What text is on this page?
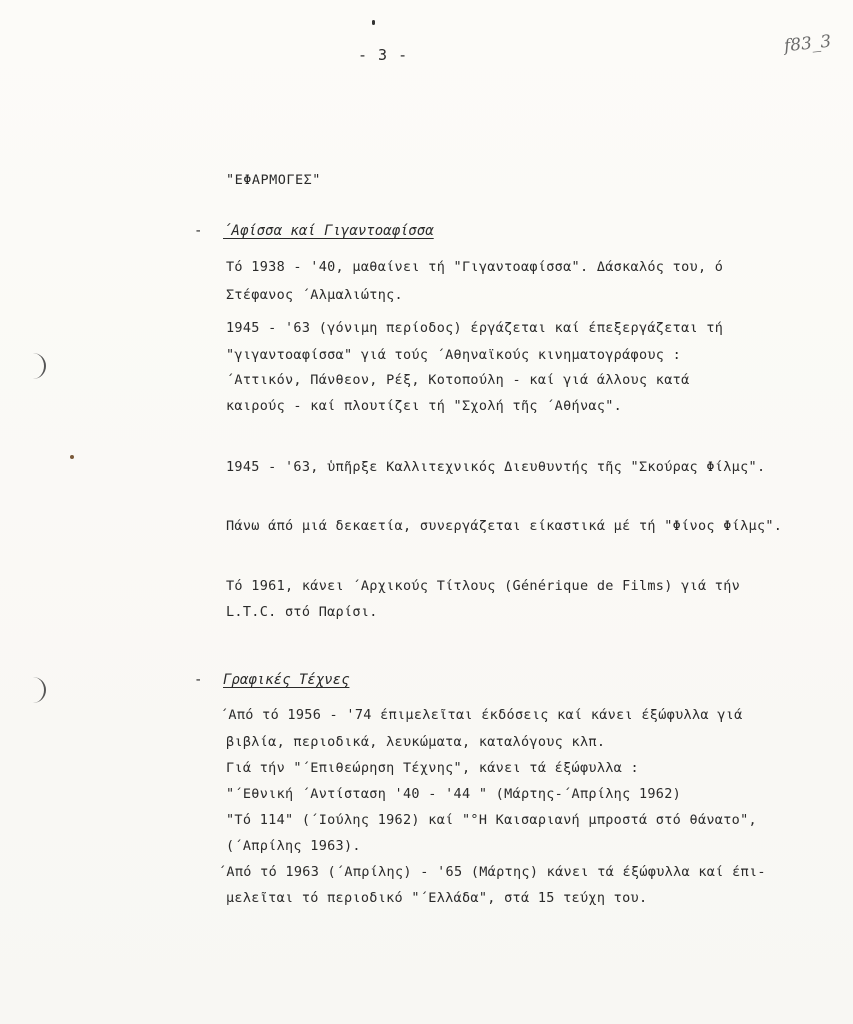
- 3 -	f83_3
"ΕΦΑΡΜΟΓΕΣ"
- ΄Αφίσσα καί Γιγαντοαφίσσα
Τό 1938 - '40, μαθαίνει τή "Γιγαντοαφίσσα". Δάσκαλός του, ό
Στέφανος ΄Αλμαλιώτης.
1945 - '63 (γόνιμη περίοδος) έργάζεται καί έπεξεργάζεται τή
"γιγαντοαφίσσα" γιά τούς ΄Αθηναϊκούς κινηματογράφους :
΄Αττικόν, Πάνθεον, Ρέξ, Κοτοπούλη - καί γιά άλλους κατά
καιρούς - καί πλουτίζει τή "Σχολή τῆς ΄Αθήνας".
1945 - '63, ὑπῆρξε Καλλιτεχνικός Διευθυντής τῆς "Σκούρας Φίλμς".
Πάνω άπό μιά δεκαετία, συνεργάζεται είκαστικά μέ τή "Φίνος Φίλμς".
Τό 1961, κάνει ΄Αρχικούς Τίτλους (Générique de Films) γιά τήν
L.T.C. στό Παρίσι.
- Γραφικές Τέχνες
΄Από τό 1956 - '74 έπιμελεῖται έκδόσεις καί κάνει έξώφυλλα γιά
βιβλία, περιοδικά, λευκώματα, καταλόγους κλπ.
Γιά τήν "΄Επιθεώρηση Τέχνης", κάνει τά έξώφυλλα :
"΄Εθνική ΄Αντίσταση '40 - '44 " (Μάρτης-΄Απρίλης 1962)
"Τό 114" (΄Ιούλης 1962) καί "°Η Καισαριανή μπροστά στό θάνατο",
(΄Απρίλης 1963).
΄Από τό 1963 (΄Απρίλης) - '65 (Μάρτης) κάνει τά έξώφυλλα καί έπι-
μελεῖται τό περιοδικό "΄Ελλάδα", στά 15 τεύχη του.
